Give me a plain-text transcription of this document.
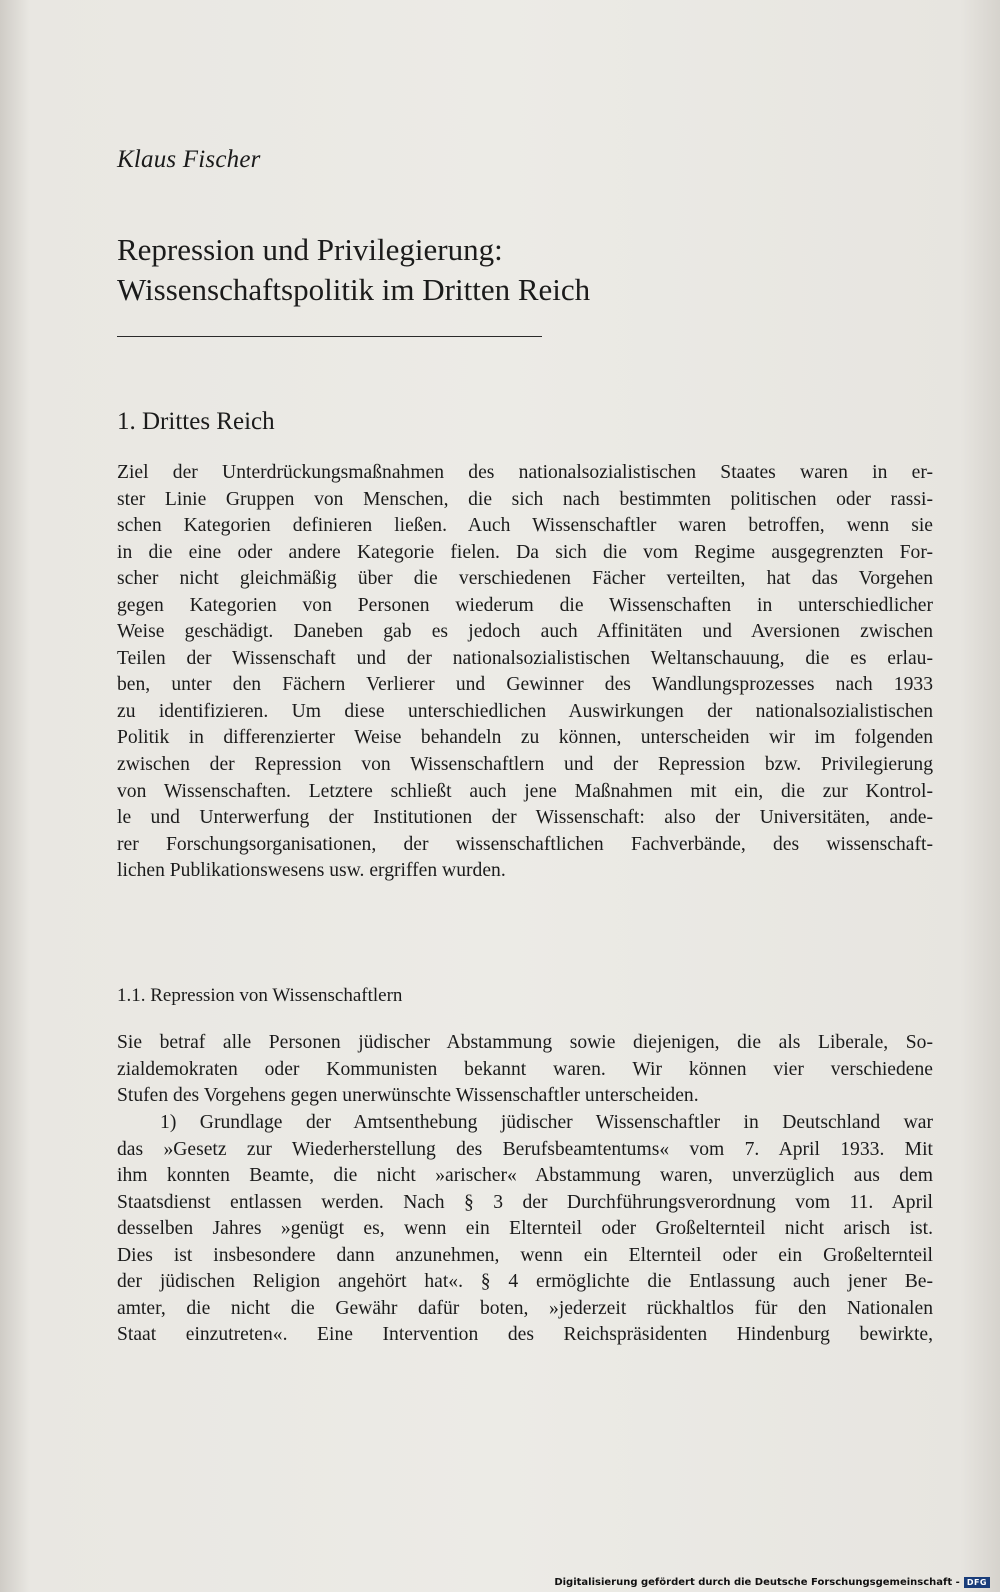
Klaus Fischer
Repression und Privilegierung:
Wissenschaftspolitik im Dritten Reich
1. Drittes Reich
Ziel der Unterdrückungsmaßnahmen des nationalsozialistischen Staates waren in er-
ster Linie Gruppen von Menschen, die sich nach bestimmten politischen oder rassi-
schen Kategorien definieren ließen. Auch Wissenschaftler waren betroffen, wenn sie
in die eine oder andere Kategorie fielen. Da sich die vom Regime ausgegrenzten For-
scher nicht gleichmäßig über die verschiedenen Fächer verteilten, hat das Vorgehen
gegen Kategorien von Personen wiederum die Wissenschaften in unterschiedlicher
Weise geschädigt. Daneben gab es jedoch auch Affinitäten und Aversionen zwischen
Teilen der Wissenschaft und der nationalsozialistischen Weltanschauung, die es erlau-
ben, unter den Fächern Verlierer und Gewinner des Wandlungsprozesses nach 1933
zu identifizieren. Um diese unterschiedlichen Auswirkungen der nationalsozialistischen
Politik in differenzierter Weise behandeln zu können, unterscheiden wir im folgenden
zwischen der Repression von Wissenschaftlern und der Repression bzw. Privilegierung
von Wissenschaften. Letztere schließt auch jene Maßnahmen mit ein, die zur Kontrol-
le und Unterwerfung der Institutionen der Wissenschaft: also der Universitäten, ande-
rer Forschungsorganisationen, der wissenschaftlichen Fachverbände, des wissenschaft-
lichen Publikationswesens usw. ergriffen wurden.
1.1. Repression von Wissenschaftlern
Sie betraf alle Personen jüdischer Abstammung sowie diejenigen, die als Liberale, So-
zialdemokraten oder Kommunisten bekannt waren. Wir können vier verschiedene
Stufen des Vorgehens gegen unerwünschte Wissenschaftler unterscheiden.
  1) Grundlage der Amtsenthebung jüdischer Wissenschaftler in Deutschland war
das »Gesetz zur Wiederherstellung des Berufsbeamtentums« vom 7. April 1933. Mit
ihm konnten Beamte, die nicht »arischer« Abstammung waren, unverzüglich aus dem
Staatsdienst entlassen werden. Nach § 3 der Durchführungsverordnung vom 11. April
desselben Jahres »genügt es, wenn ein Elternteil oder Großelternteil nicht arisch ist.
Dies ist insbesondere dann anzunehmen, wenn ein Elternteil oder ein Großelternteil
der jüdischen Religion angehört hat«. § 4 ermöglichte die Entlassung auch jener Be-
amter, die nicht die Gewähr dafür boten, »jederzeit rückhaltlos für den Nationalen
Staat einzutreten«. Eine Intervention des Reichspräsidenten Hindenburg bewirkte,
Digitalisierung gefördert durch die Deutsche Forschungsgemeinschaft - DFG
